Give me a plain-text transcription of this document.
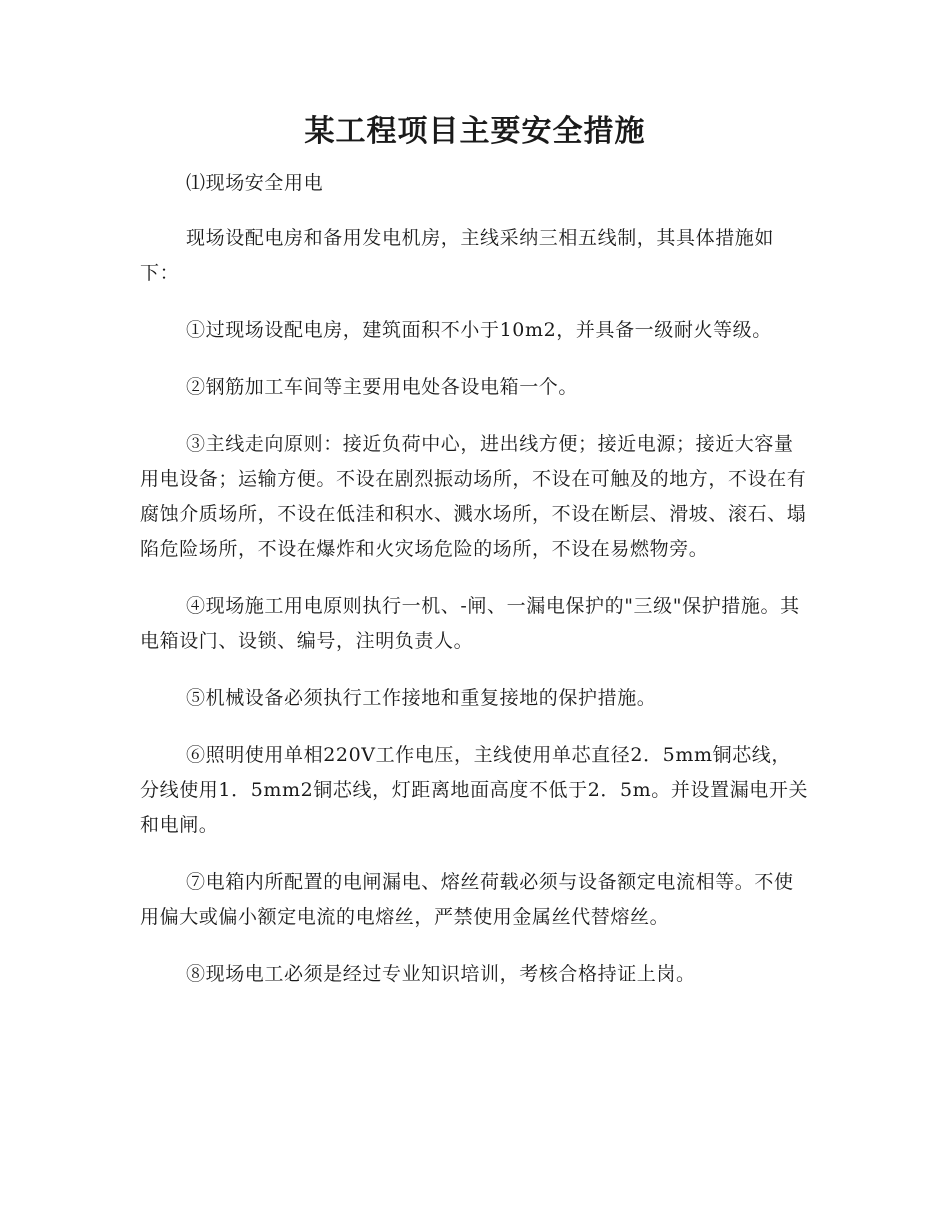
某工程项目主要安全措施

⑴现场安全用电

现场设配电房和备用发电机房，主线采纳三相五线制，其具体措施如下：

①过现场设配电房，建筑面积不小于10m2，并具备一级耐火等级。

②钢筋加工车间等主要用电处各设电箱一个。

③主线走向原则：接近负荷中心，进出线方便；接近电源；接近大容量用电设备；运输方便。不设在剧烈振动场所，不设在可触及的地方，不设在有腐蚀介质场所，不设在低洼和积水、溅水场所，不设在断层、滑坡、滚石、塌陷危险场所，不设在爆炸和火灾场危险的场所，不设在易燃物旁。

④现场施工用电原则执行一机、-闸、一漏电保护的"三级"保护措施。其电箱设门、设锁、编号，注明负责人。

⑤机械设备必须执行工作接地和重复接地的保护措施。

⑥照明使用单相220V工作电压，主线使用单芯直径2．5mm铜芯线，分线使用1．5mm2铜芯线，灯距离地面高度不低于2．5m。并设置漏电开关和电闸。

⑦电箱内所配置的电闸漏电、熔丝荷载必须与设备额定电流相等。不使用偏大或偏小额定电流的电熔丝，严禁使用金属丝代替熔丝。

⑧现场电工必须是经过专业知识培训，考核合格持证上岗。
